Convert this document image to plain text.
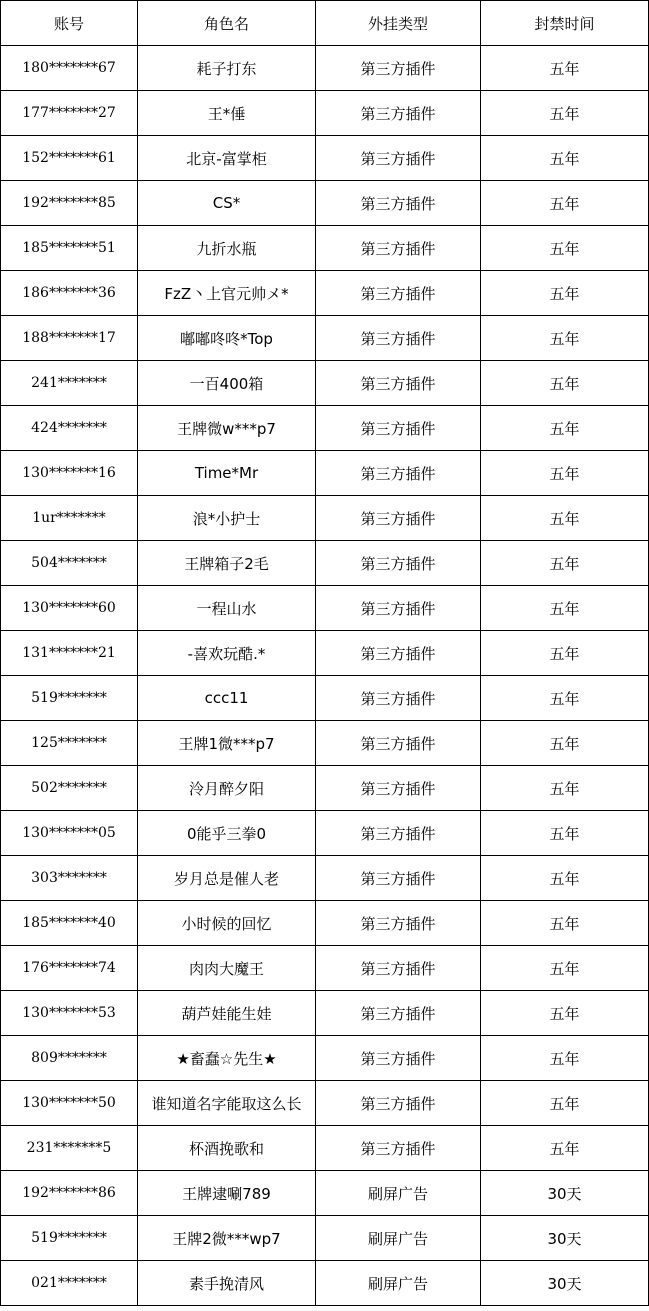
账号	角色名	外挂类型	封禁时间
180*******67	耗子打东	第三方插件	五年
177*******27	王*倕	第三方插件	五年
152*******61	北京-富掌柜	第三方插件	五年
192*******85	CS*	第三方插件	五年
185*******51	九折水瓶	第三方插件	五年
186*******36	FzZ丶上官元帅メ*	第三方插件	五年
188*******17	嘟嘟咚咚*Top	第三方插件	五年
241*******	一百400箱	第三方插件	五年
424*******	王牌微w***p7	第三方插件	五年
130*******16	Time*Mr	第三方插件	五年
1ur*******	浪*小护士	第三方插件	五年
504*******	王牌箱子2毛	第三方插件	五年
130*******60	一程山水	第三方插件	五年
131*******21	-喜欢玩酷.*	第三方插件	五年
519*******	ccc11	第三方插件	五年
125*******	王牌1微***p7	第三方插件	五年
502*******	泠月醉夕阳	第三方插件	五年
130*******05	0能乎三拳0	第三方插件	五年
303*******	岁月总是催人老	第三方插件	五年
185*******40	小时候的回忆	第三方插件	五年
176*******74	肉肉大魔王	第三方插件	五年
130*******53	葫芦娃能生娃	第三方插件	五年
809*******	★畜蠢☆先生★	第三方插件	五年
130*******50	谁知道名字能取这么长	第三方插件	五年
231*******5	杯酒挽歌和	第三方插件	五年
192*******86	王牌逮唰789	刷屏广告	30天
519*******	王牌2微***wp7	刷屏广告	30天
021*******	素手挽清风	刷屏广告	30天
